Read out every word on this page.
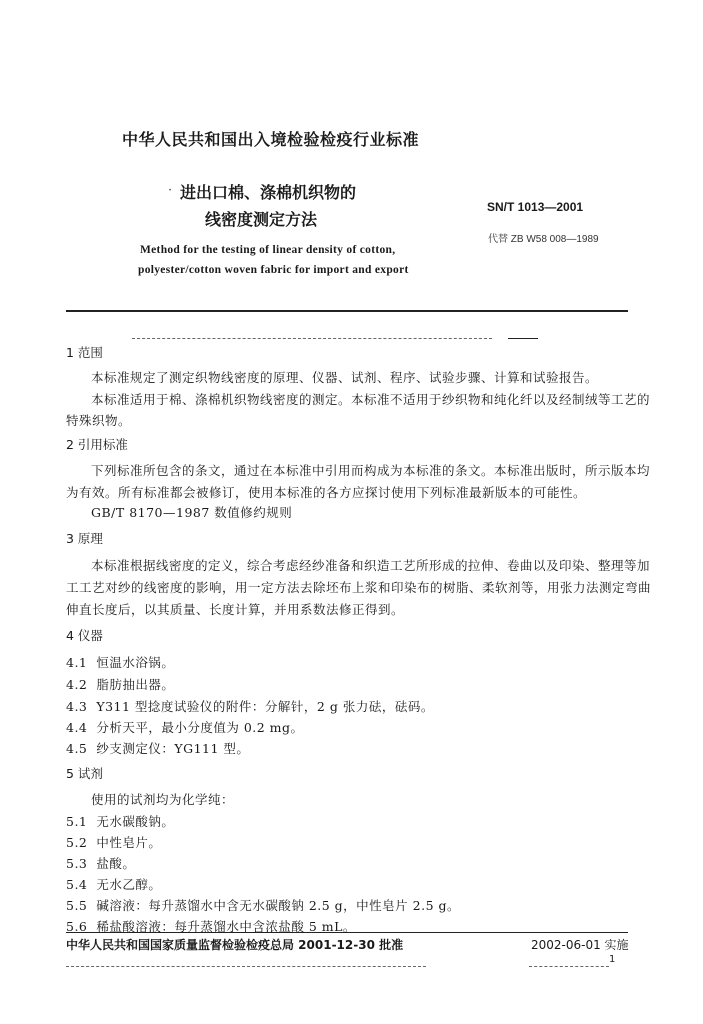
中华人民共和国出入境检验检疫行业标准
· 进出口棉、涤棉机织物的
线密度测定方法
SN/T 1013—2001
代替 ZB W58 008—1989
Method for the testing of linear density of cotton,
polyester/cotton woven fabric for import and export
1 范围
本标准规定了测定织物线密度的原理、仪器、试剂、程序、试验步骤、计算和试验报告。
本标准适用于棉、涤棉机织物线密度的测定。本标准不适用于纱织物和纯化纤以及经制绒等工艺的
特殊织物。
2 引用标准
下列标准所包含的条文，通过在本标准中引用而构成为本标准的条文。本标准出版时，所示版本均
为有效。所有标准都会被修订，使用本标准的各方应探讨使用下列标准最新版本的可能性。
GB/T 8170—1987 数值修约规则
3 原理
本标准根据线密度的定义，综合考虑经纱准备和织造工艺所形成的拉伸、卷曲以及印染、整理等加
工工艺对纱的线密度的影响，用一定方法去除坯布上浆和印染布的树脂、柔软剂等，用张力法测定弯曲
伸直长度后，以其质量、长度计算，并用系数法修正得到。
4 仪器
4.1 恒温水浴锅。
4.2 脂肪抽出器。
4.3 Y311 型捻度试验仪的附件：分解针，2 g 张力砝，砝码。
4.4 分析天平，最小分度值为 0.2 mg。
4.5 纱支测定仪：YG111 型。
5 试剂
使用的试剂均为化学纯：
5.1 无水碳酸钠。
5.2 中性皂片。
5.3 盐酸。
5.4 无水乙醇。
5.5 碱溶液：每升蒸馏水中含无水碳酸钠 2.5 g，中性皂片 2.5 g。
5.6 稀盐酸溶液：每升蒸馏水中含浓盐酸 5 mL。
中华人民共和国国家质量监督检验检疫总局 2001-12-30 批准	2002-06-01 实施
1
